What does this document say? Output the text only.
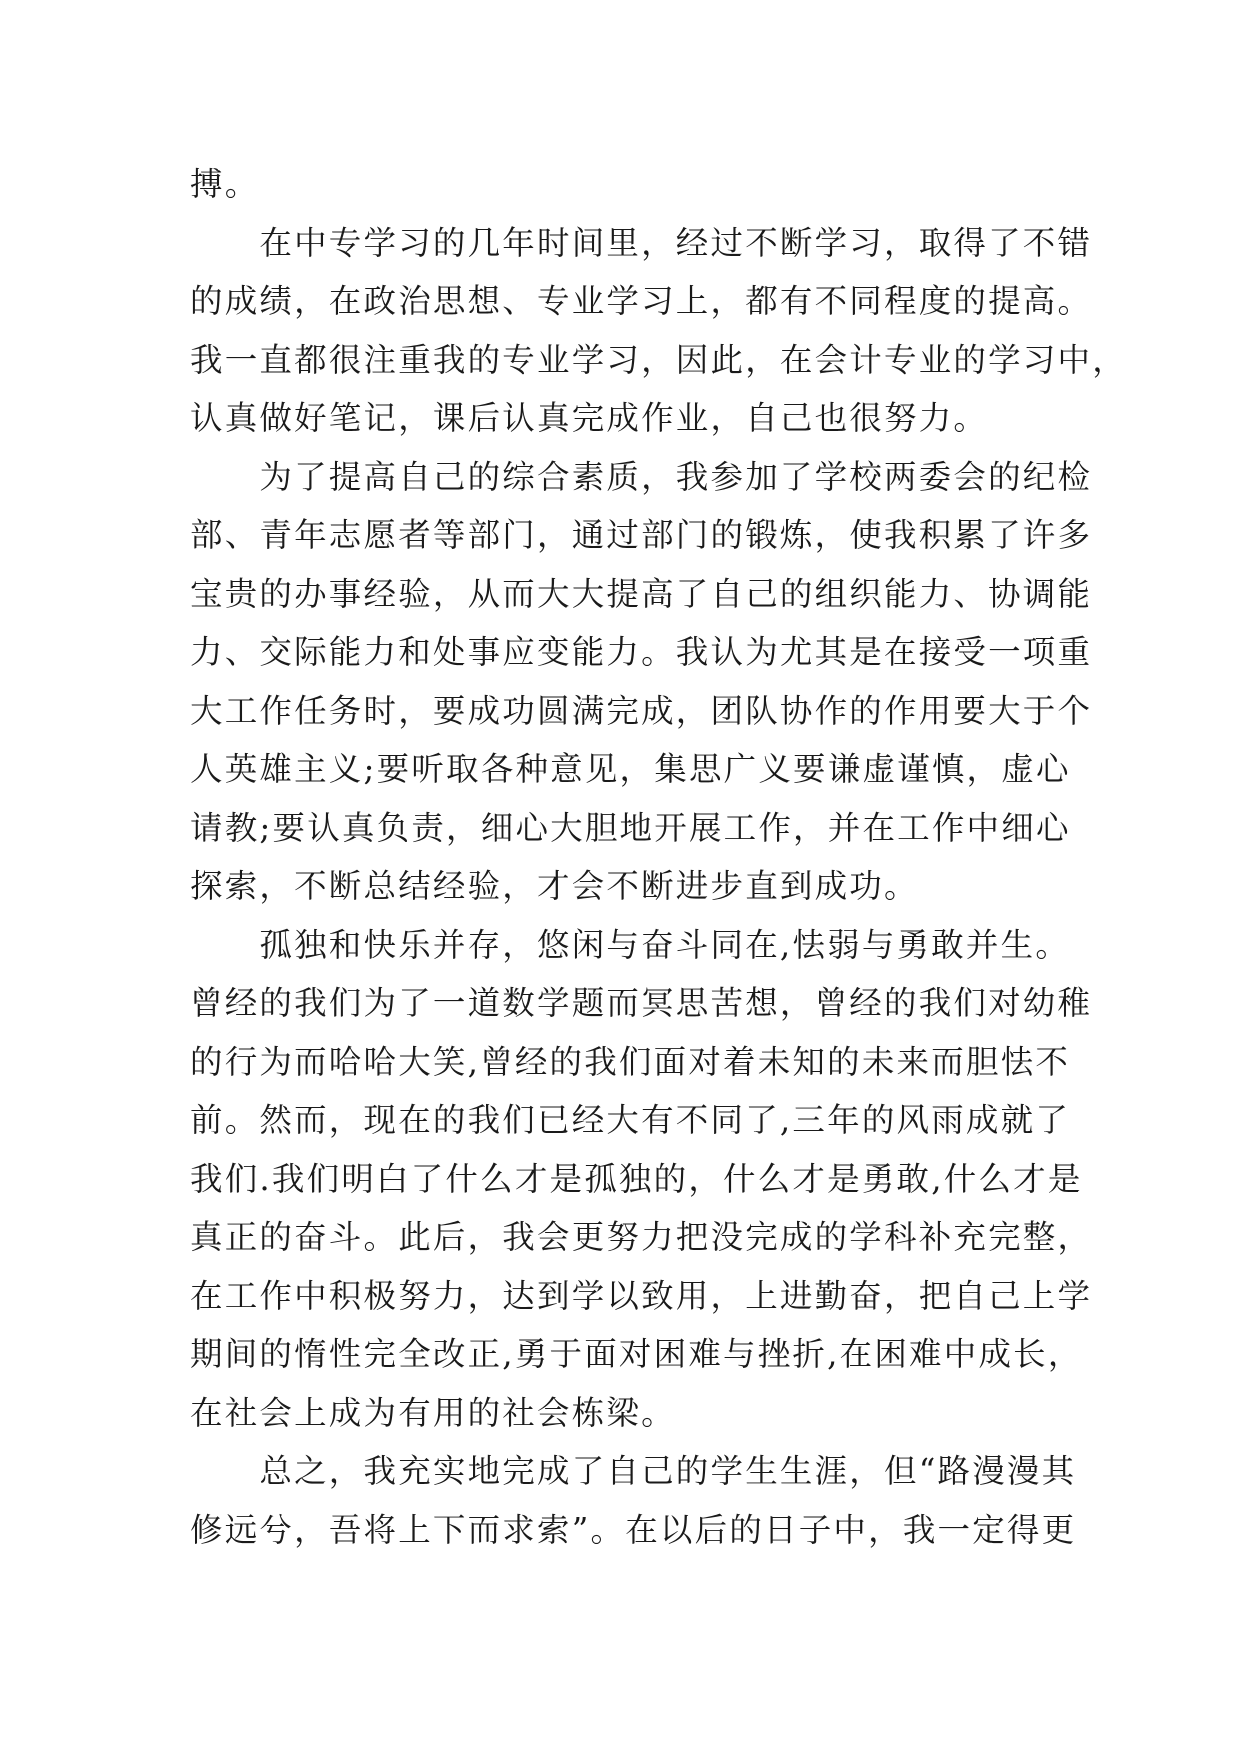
搏。
　　在中专学习的几年时间里，经过不断学习，取得了不错
的成绩，在政治思想、专业学习上，都有不同程度的提高。
我一直都很注重我的专业学习，因此，在会计专业的学习中，
认真做好笔记，课后认真完成作业，自己也很努力。
　　为了提高自己的综合素质，我参加了学校两委会的纪检
部、青年志愿者等部门，通过部门的锻炼，使我积累了许多
宝贵的办事经验，从而大大提高了自己的组织能力、协调能
力、交际能力和处事应变能力。我认为尤其是在接受一项重
大工作任务时，要成功圆满完成，团队协作的作用要大于个
人英雄主义;要听取各种意见，集思广义要谦虚谨慎，虚心
请教;要认真负责，细心大胆地开展工作，并在工作中细心
探索，不断总结经验，才会不断进步直到成功。
　　孤独和快乐并存，悠闲与奋斗同在,怯弱与勇敢并生。
曾经的我们为了一道数学题而冥思苦想，曾经的我们对幼稚
的行为而哈哈大笑,曾经的我们面对着未知的未来而胆怯不
前。然而，现在的我们已经大有不同了,三年的风雨成就了
我们.我们明白了什么才是孤独的，什么才是勇敢,什么才是
真正的奋斗。此后，我会更努力把没完成的学科补充完整，
在工作中积极努力，达到学以致用，上进勤奋，把自己上学
期间的惰性完全改正,勇于面对困难与挫折,在困难中成长，
在社会上成为有用的社会栋梁。
　　总之，我充实地完成了自己的学生生涯，但“路漫漫其
修远兮，吾将上下而求索”。在以后的日子中，我一定得更
